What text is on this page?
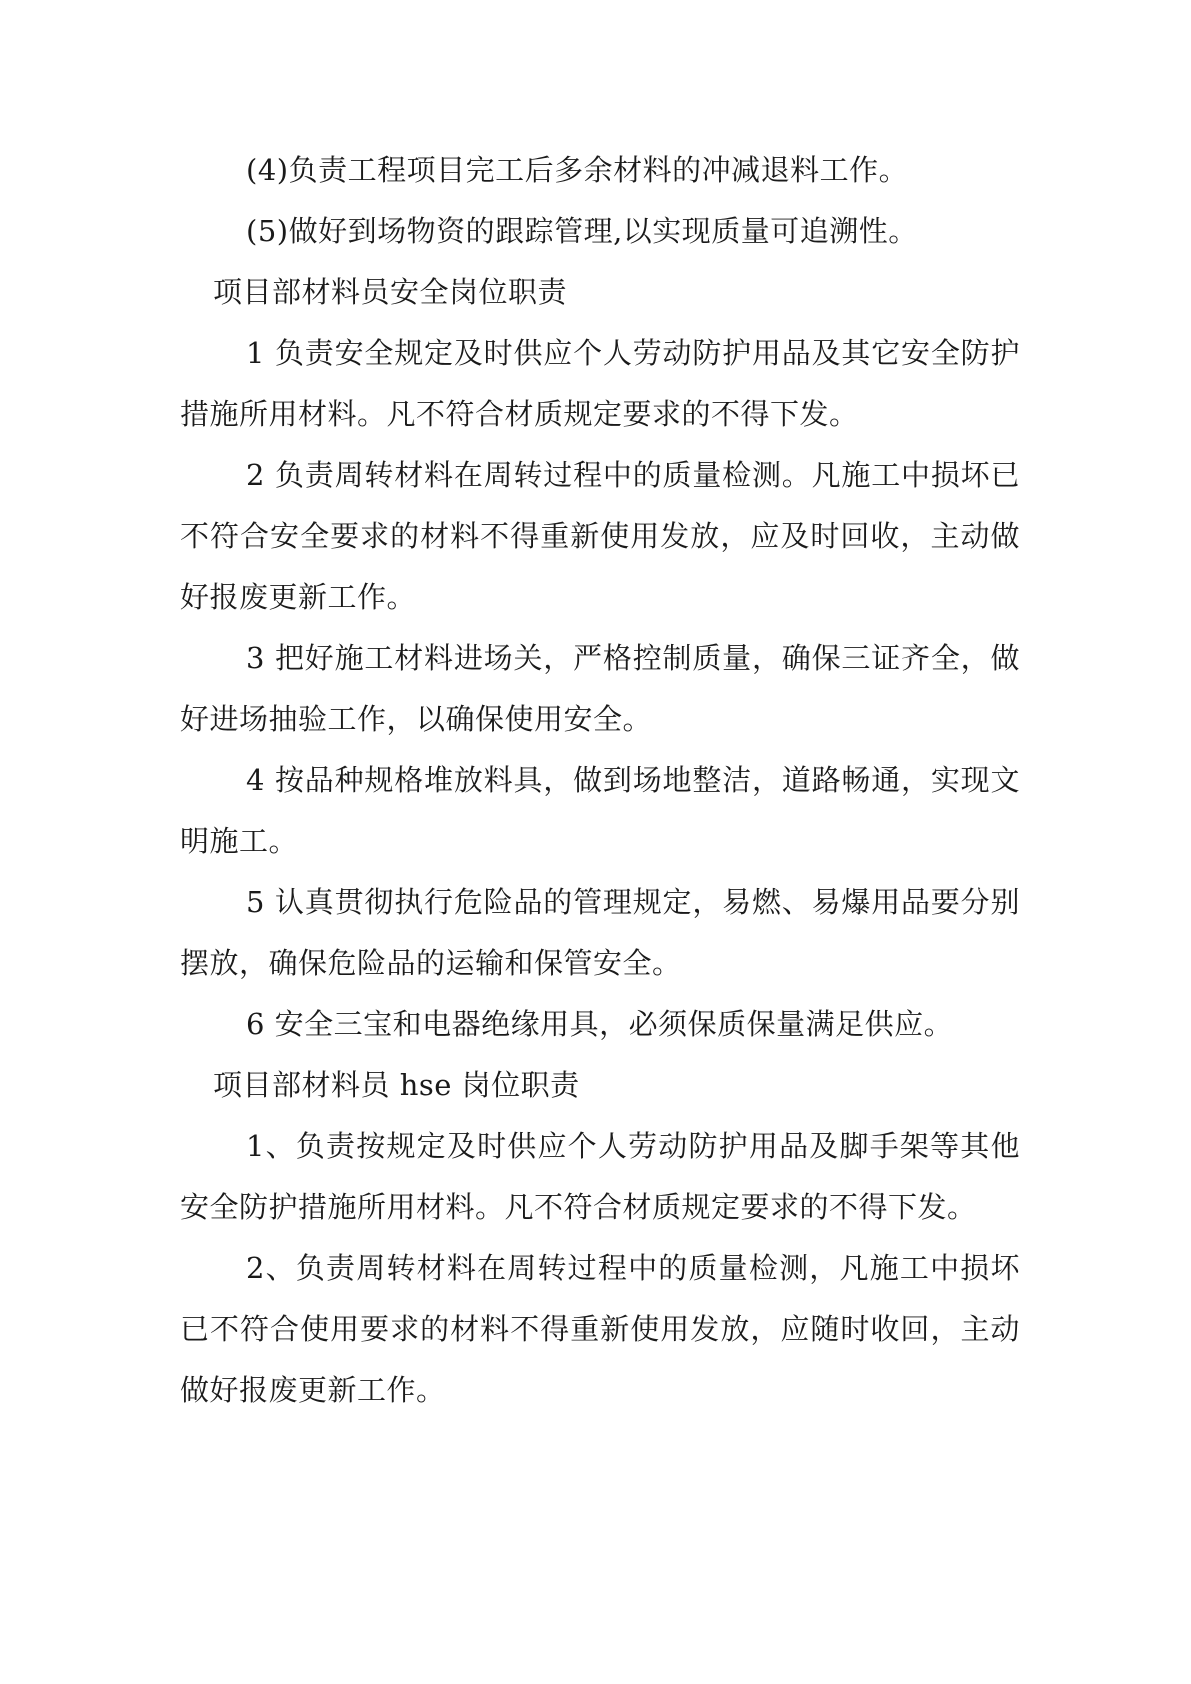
(4)负责工程项目完工后多余材料的冲减退料工作。

(5)做好到场物资的跟踪管理,以实现质量可追溯性。

项目部材料员安全岗位职责

1 负责安全规定及时供应个人劳动防护用品及其它安全防护措施所用材料。凡不符合材质规定要求的不得下发。

2 负责周转材料在周转过程中的质量检测。凡施工中损坏已不符合安全要求的材料不得重新使用发放，应及时回收，主动做好报废更新工作。

3 把好施工材料进场关，严格控制质量，确保三证齐全，做好进场抽验工作，以确保使用安全。

4 按品种规格堆放料具，做到场地整洁，道路畅通，实现文明施工。

5 认真贯彻执行危险品的管理规定，易燃、易爆用品要分别摆放，确保危险品的运输和保管安全。

6 安全三宝和电器绝缘用具，必须保质保量满足供应。

项目部材料员 hse 岗位职责

1、负责按规定及时供应个人劳动防护用品及脚手架等其他安全防护措施所用材料。凡不符合材质规定要求的不得下发。

2、负责周转材料在周转过程中的质量检测，凡施工中损坏已不符合使用要求的材料不得重新使用发放，应随时收回，主动做好报废更新工作。
